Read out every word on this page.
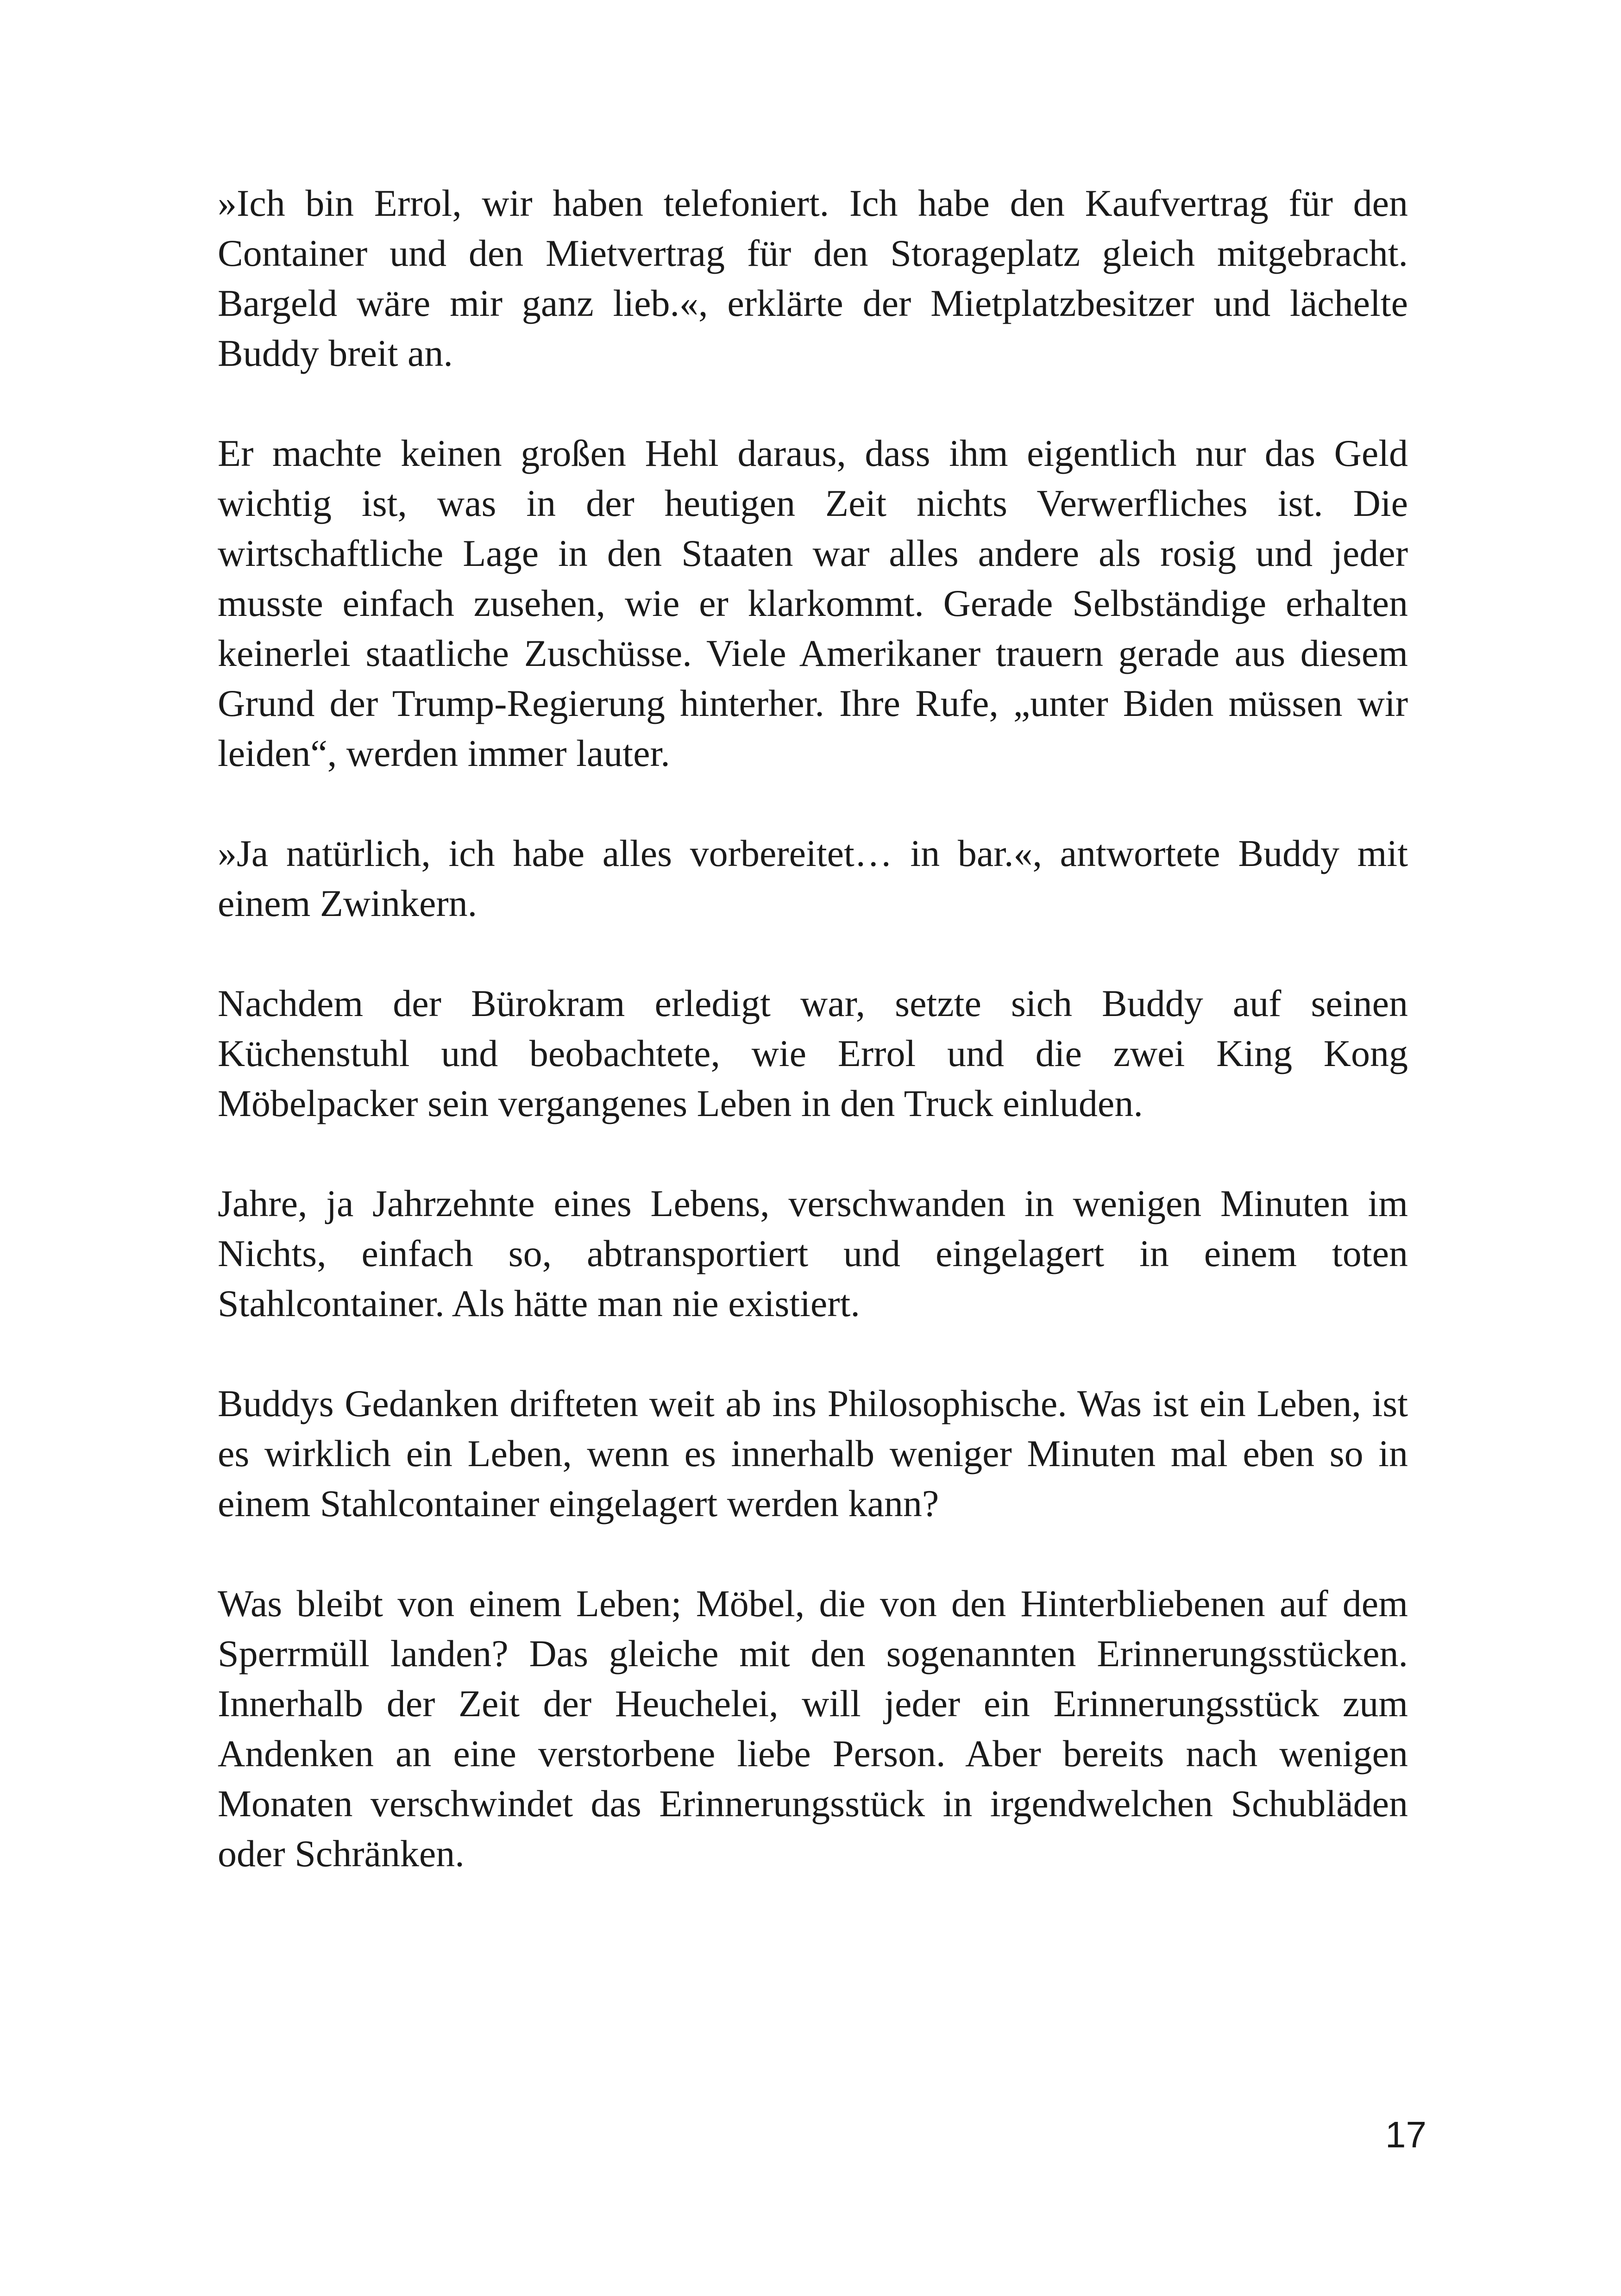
»Ich bin Errol, wir haben telefoniert. Ich habe den Kaufvertrag für den Container und den Mietvertrag für den Storageplatz gleich mitgebracht. Bargeld wäre mir ganz lieb.«, erklärte der Mietplatzbesitzer und lächelte Buddy breit an.

Er machte keinen großen Hehl daraus, dass ihm eigentlich nur das Geld wichtig ist, was in der heutigen Zeit nichts Verwerfliches ist. Die wirtschaftliche Lage in den Staaten war alles andere als rosig und jeder musste einfach zusehen, wie er klarkommt. Gerade Selbständige erhalten keinerlei staatliche Zuschüsse. Viele Amerikaner trauern gerade aus diesem Grund der Trump-Regierung hinterher. Ihre Rufe, „unter Biden müssen wir leiden“, werden immer lauter.

»Ja natürlich, ich habe alles vorbereitet… in bar.«, antwortete Buddy mit einem Zwinkern.

Nachdem der Bürokram erledigt war, setzte sich Buddy auf seinen Küchenstuhl und beobachtete, wie Errol und die zwei King Kong Möbelpacker sein vergangenes Leben in den Truck einluden.

Jahre, ja Jahrzehnte eines Lebens, verschwanden in wenigen Minuten im Nichts, einfach so, abtransportiert und eingelagert in einem toten Stahlcontainer. Als hätte man nie existiert.

Buddys Gedanken drifteten weit ab ins Philosophische. Was ist ein Leben, ist es wirklich ein Leben, wenn es innerhalb weniger Minuten mal eben so in einem Stahlcontainer eingelagert werden kann?

Was bleibt von einem Leben; Möbel, die von den Hinterbliebenen auf dem Sperrmüll landen? Das gleiche mit den sogenannten Erinnerungsstücken. Innerhalb der Zeit der Heuchelei, will jeder ein Erinnerungsstück zum Andenken an eine verstorbene liebe Person. Aber bereits nach wenigen Monaten verschwindet das Erinnerungsstück in irgendwelchen Schubläden oder Schränken.

17
